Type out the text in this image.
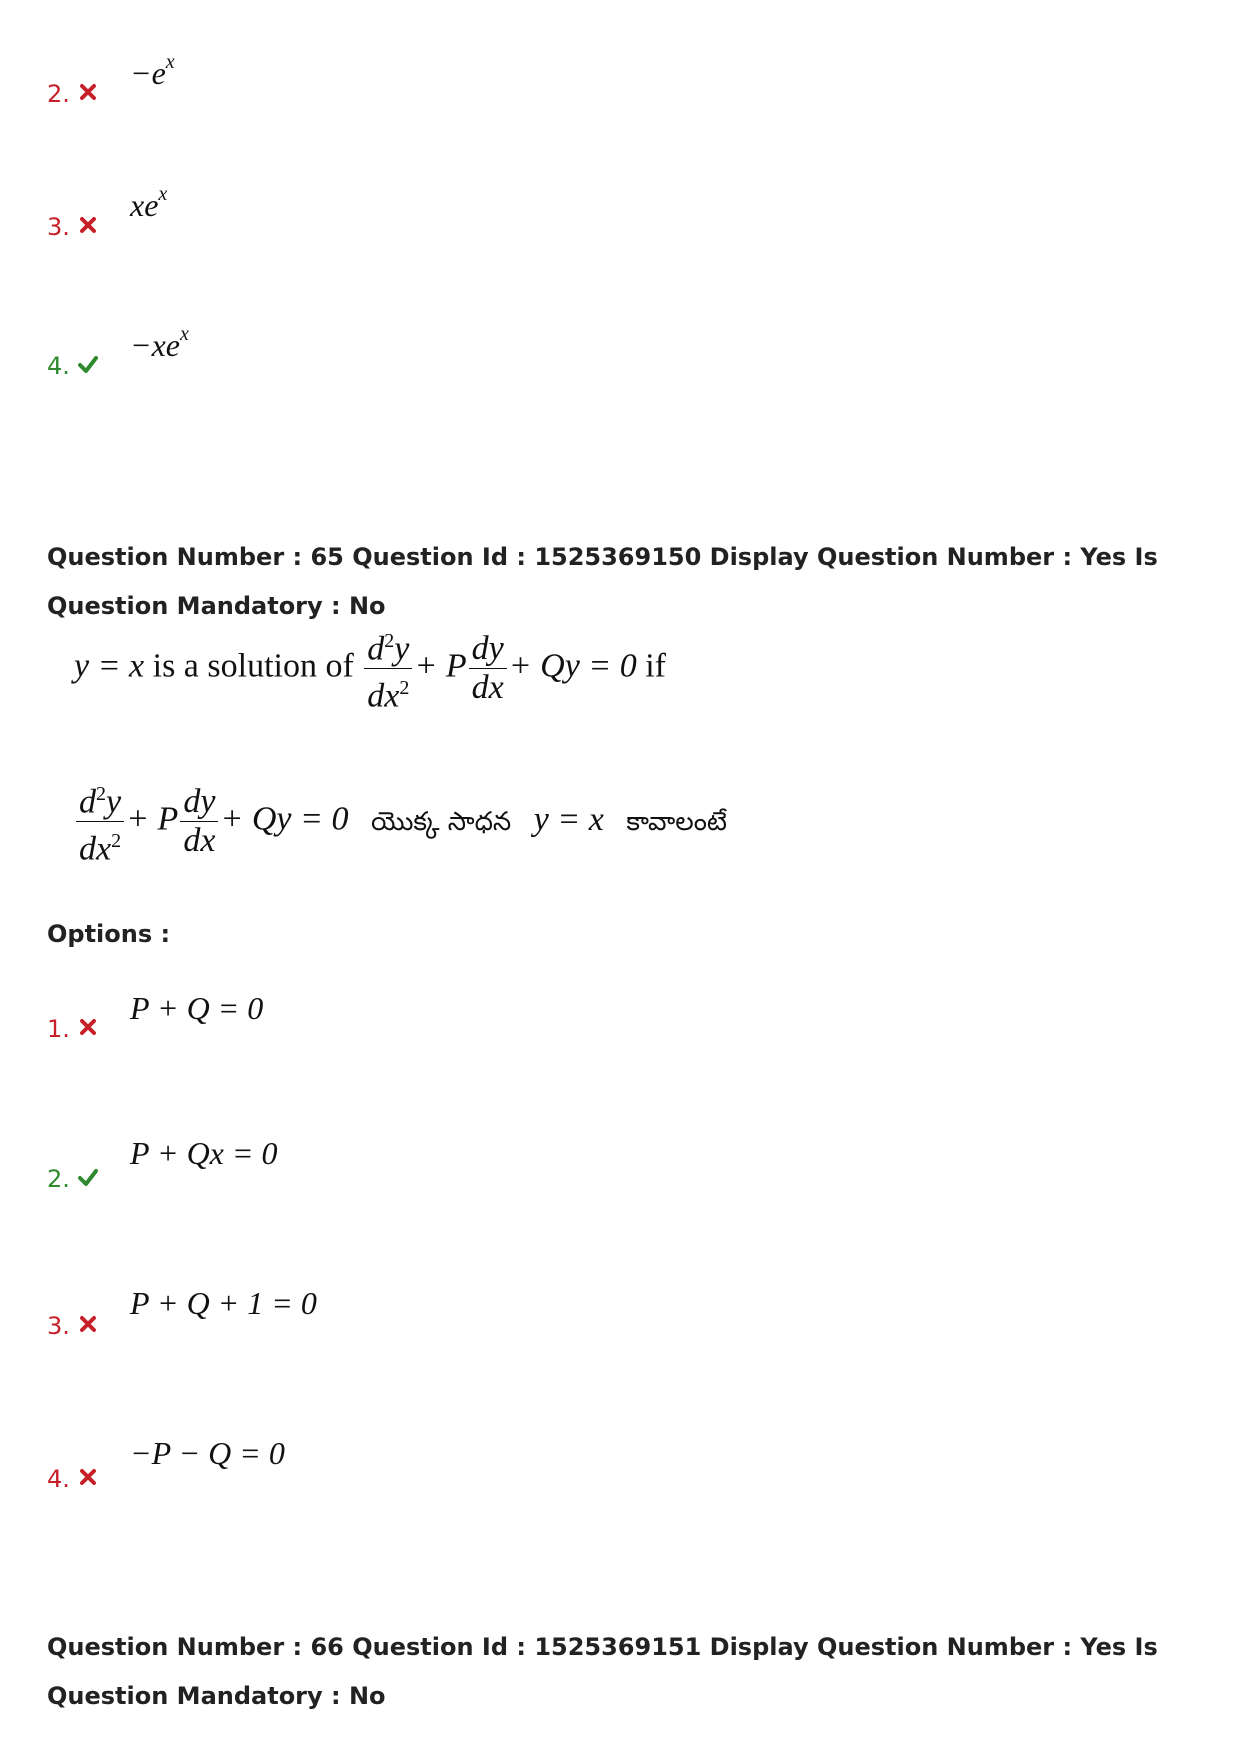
2.
$-e^x$
3.
$xe^x$
4.
$-xe^x$
Question Number : 65 Question Id : 1525369150 Display Question Number : Yes Is Question Mandatory : No
y = x is a solution of $\frac{d^2y}{dx^2} + P \frac{dy}{dx} + Qy = 0$ if
$\frac{d^2y}{dx^2} + P \frac{dy}{dx} + Qy = 0$ యొక్క సాధన y = x కావాలంటే
Options :
1.
P + Q = 0
2.
P + Qx = 0
3.
P + Q + 1 = 0
4.
−P − Q = 0
Question Number : 66 Question Id : 1525369151 Display Question Number : Yes Is Question Mandatory : No
